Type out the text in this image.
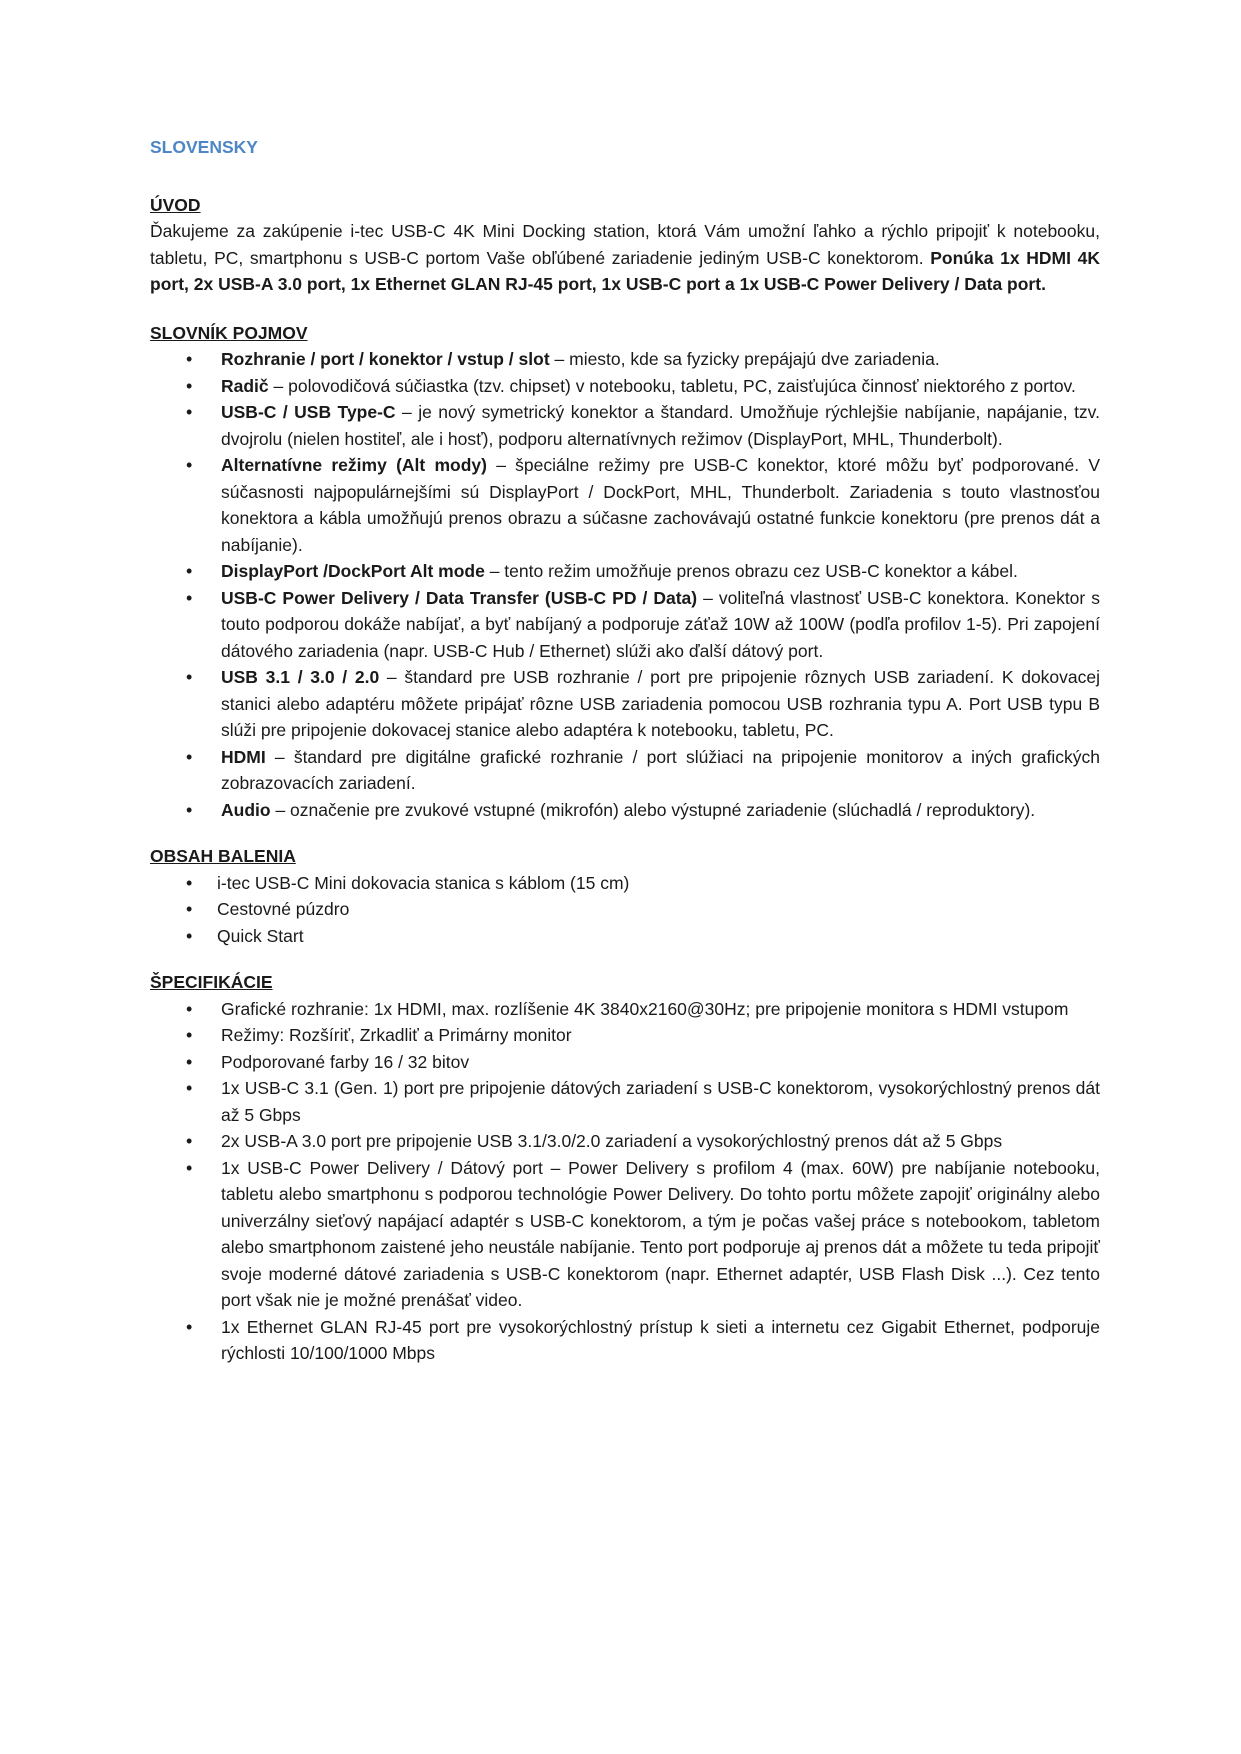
SLOVENSKY

ÚVOD

Ďakujeme za zakúpenie i-tec USB-C 4K Mini Docking station, ktorá Vám umožní ľahko a rýchlo pripojiť k notebooku, tabletu, PC, smartphonu s USB-C portom Vaše obľúbené zariadenie jediným USB-C konektorom. Ponúka 1x HDMI 4K port, 2x USB-A 3.0 port, 1x Ethernet GLAN RJ-45 port, 1x USB-C port a 1x USB-C Power Delivery / Data port.

SLOVNÍK POJMOV

• Rozhranie / port / konektor / vstup / slot – miesto, kde sa fyzicky prepájajú dve zariadenia.
• Radič – polovodičová súčiastka (tzv. chipset) v notebooku, tabletu, PC, zaisťujúca činnosť niektorého z portov.
• USB-C / USB Type-C – je nový symetrický konektor a štandard. Umožňuje rýchlejšie nabíjanie, napájanie, tzv. dvojrolu (nielen hostiteľ, ale i hosť), podporu alternatívnych režimov (DisplayPort, MHL, Thunderbolt).
• Alternatívne režimy (Alt mody) – špeciálne režimy pre USB-C konektor, ktoré môžu byť podporované. V súčasnosti najpopulárnejšími sú DisplayPort / DockPort, MHL, Thunderbolt. Zariadenia s touto vlastnosťou konektora a kábla umožňujú prenos obrazu a súčasne zachovávajú ostatné funkcie konektoru (pre prenos dát a nabíjanie).
• DisplayPort /DockPort Alt mode – tento režim umožňuje prenos obrazu cez USB-C konektor a kábel.
• USB-C Power Delivery / Data Transfer (USB-C PD / Data) – voliteľná vlastnosť USB-C konektora. Konektor s touto podporou dokáže nabíjať, a byť nabíjaný a podporuje záťaž 10W až 100W (podľa profilov 1-5). Pri zapojení dátového zariadenia (napr. USB-C Hub / Ethernet) slúži ako ďalší dátový port.
• USB 3.1 / 3.0 / 2.0 – štandard pre USB rozhranie / port pre pripojenie rôznych USB zariadení. K dokovacej stanici alebo adaptéru môžete pripájať rôzne USB zariadenia pomocou USB rozhrania typu A. Port USB typu B slúži pre pripojenie dokovacej stanice alebo adaptéra k notebooku, tabletu, PC.
• HDMI – štandard pre digitálne grafické rozhranie / port slúžiaci na pripojenie monitorov a iných grafických zobrazovacích zariadení.
• Audio – označenie pre zvukové vstupné (mikrofón) alebo výstupné zariadenie (slúchadlá / reproduktory).

OBSAH BALENIA

• i-tec USB-C Mini dokovacia stanica s káblom (15 cm)
• Cestovné púzdro
• Quick Start

ŠPECIFIKÁCIE

• Grafické rozhranie: 1x HDMI, max. rozlíšenie 4K 3840x2160@30Hz; pre pripojenie monitora s HDMI vstupom
• Režimy: Rozšíriť, Zrkadliť a Primárny monitor
• Podporované farby 16 / 32 bitov
• 1x USB-C 3.1 (Gen. 1) port pre pripojenie dátových zariadení s USB-C konektorom, vysokorýchlostný prenos dát až 5 Gbps
• 2x USB-A 3.0 port pre pripojenie USB 3.1/3.0/2.0 zariadení a vysokorýchlostný prenos dát až 5 Gbps
• 1x USB-C Power Delivery / Dátový port – Power Delivery s profilom 4 (max. 60W) pre nabíjanie notebooku, tabletu alebo smartphonu s podporou technológie Power Delivery. Do tohto portu môžete zapojiť originálny alebo univerzálny sieťový napájací adaptér s USB-C konektorom, a tým je počas vašej práce s notebookom, tabletom alebo smartphonom zaistené jeho neustále nabíjanie. Tento port podporuje aj prenos dát a môžete tu teda pripojiť svoje moderné dátové zariadenia s USB-C konektorom (napr. Ethernet adaptér, USB Flash Disk ...). Cez tento port však nie je možné prenášať video.
• 1x Ethernet GLAN RJ-45 port pre vysokorýchlostný prístup k sieti a internetu cez Gigabit Ethernet, podporuje rýchlosti 10/100/1000 Mbps
